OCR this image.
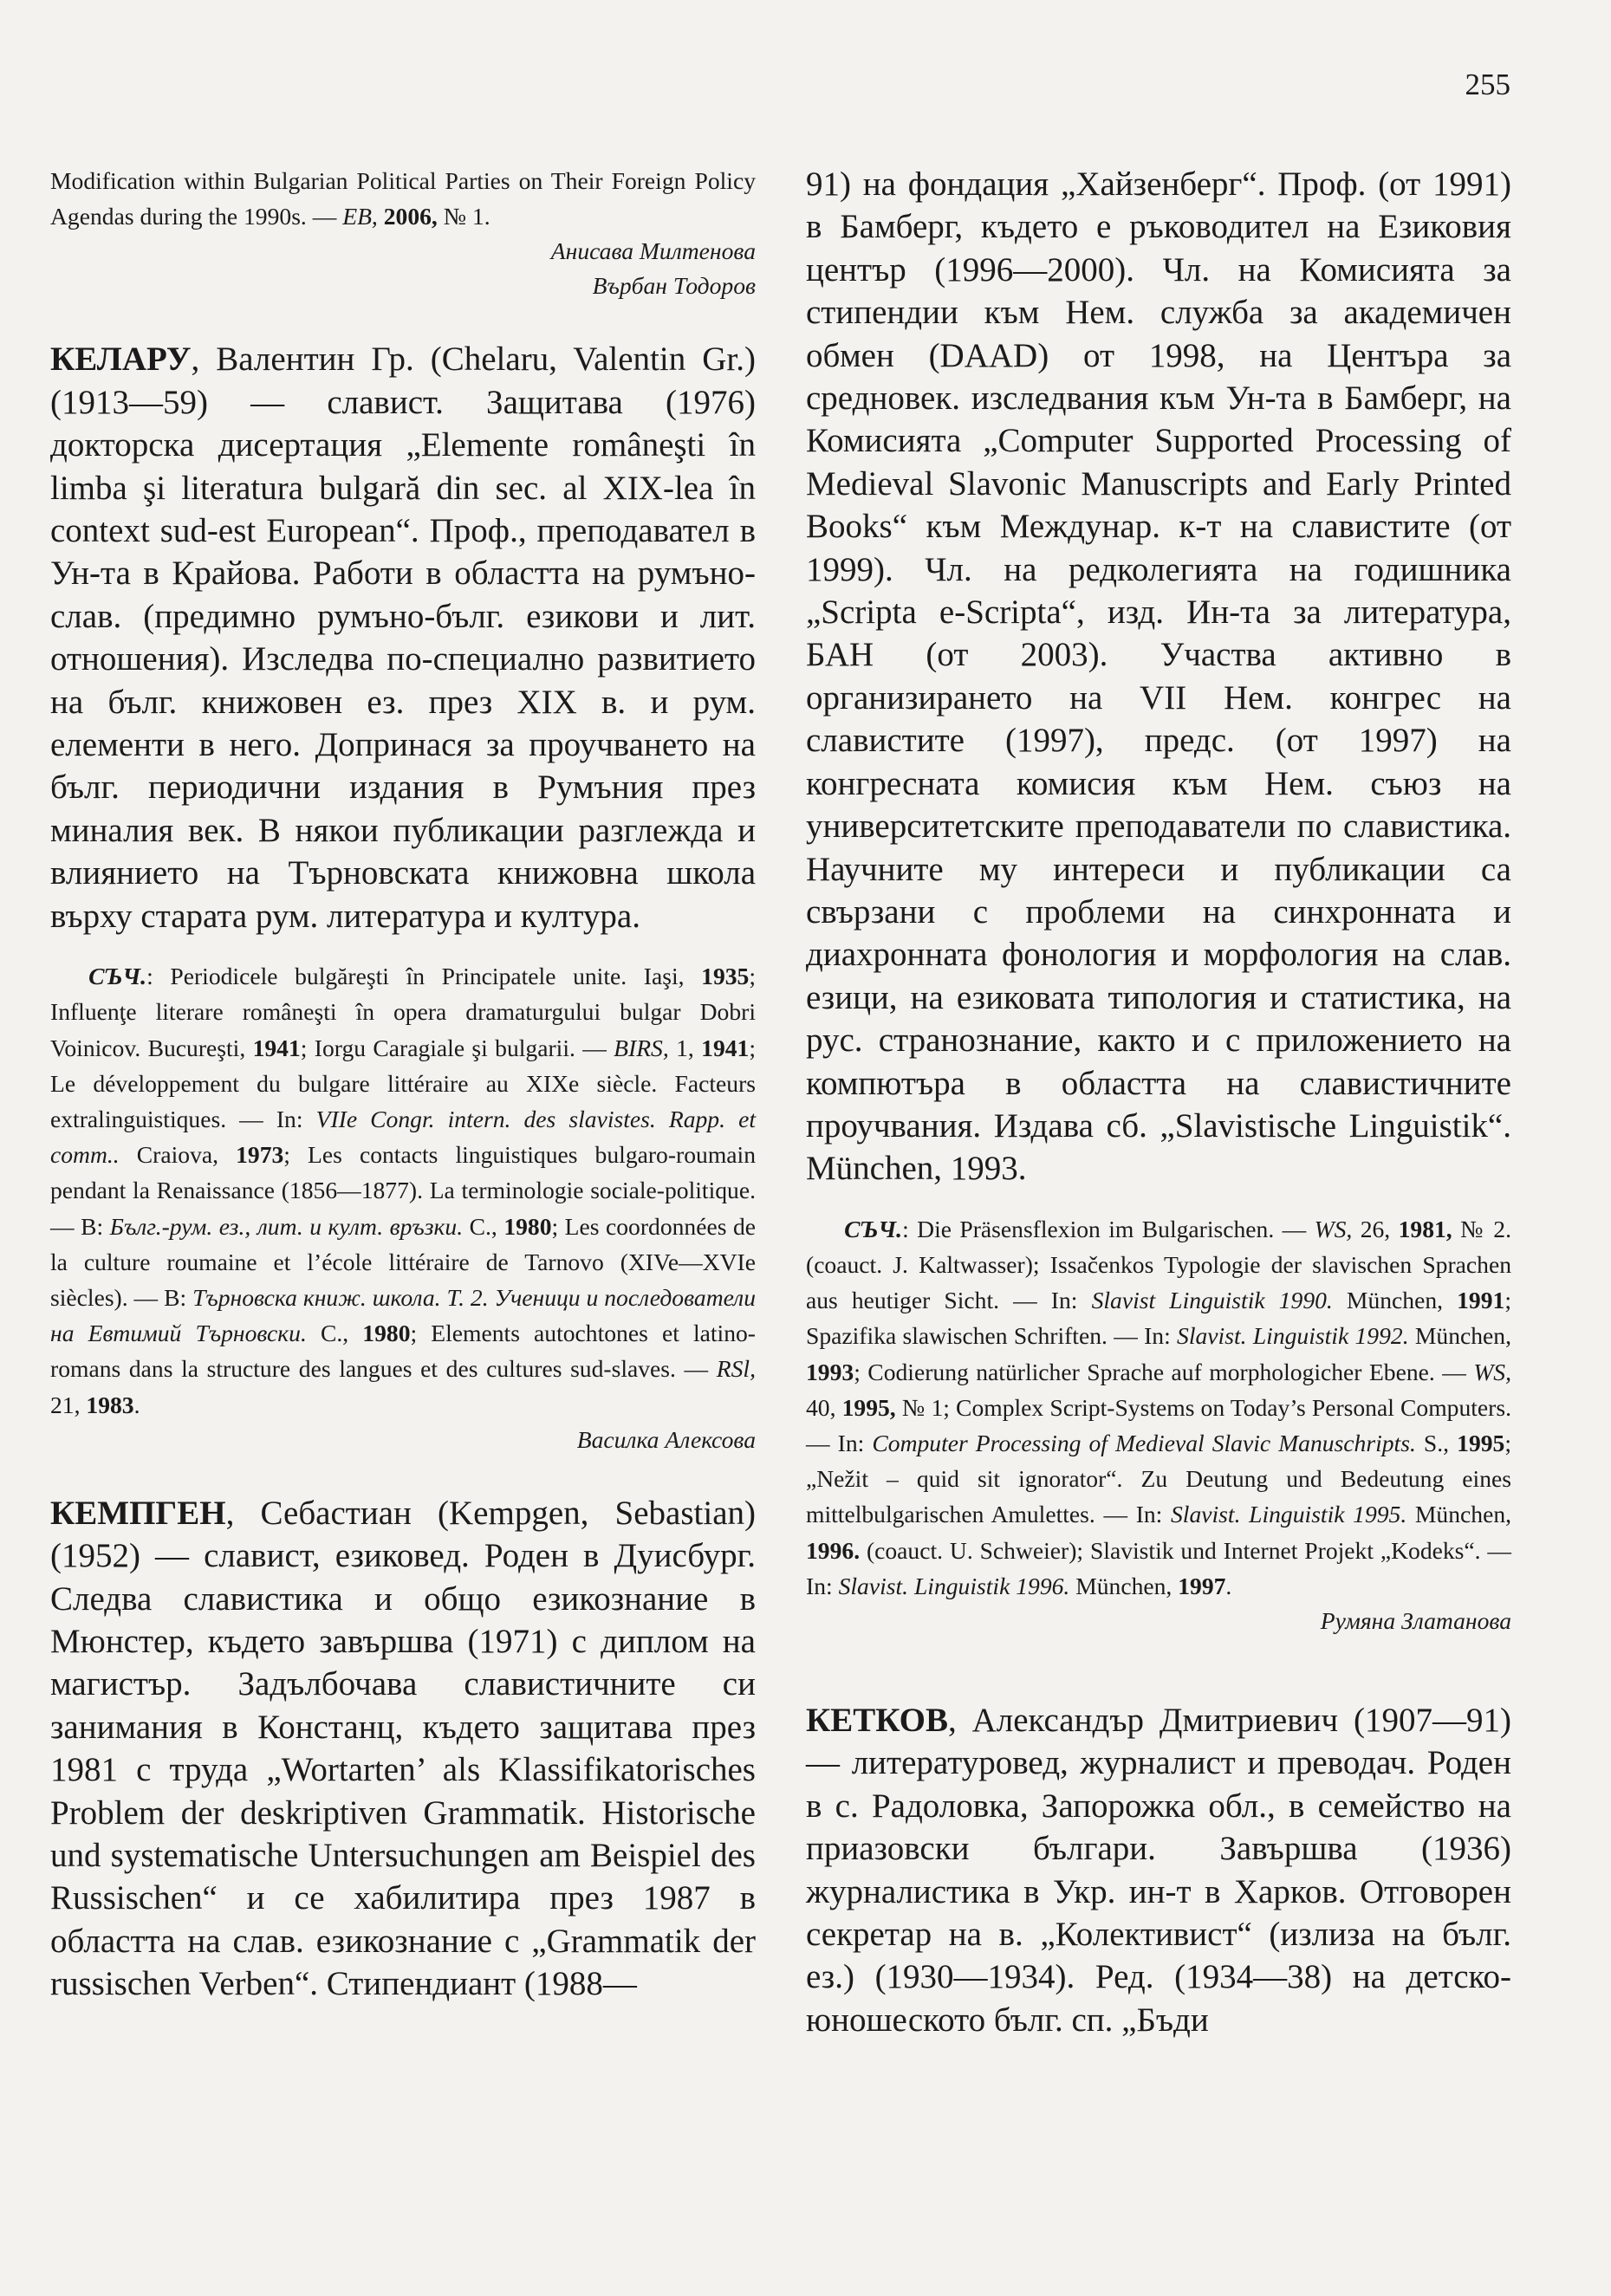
255

Modification within Bulgarian Political Parties on Their Foreign Policy Agendas during the 1990s. — EB, 2006, № 1.

Анисава Милтенова

Върбан Тодоров

КЕЛАРУ, Валентин Гр. (Chelaru, Valentin Gr.) (1913—59) — славист. Защитава (1976) докторска дисертация „Elemente româneşti în limba şi literatura bulgară din sec. al XIX-lea în context sud-est European“. Проф., преподавател в Ун-та в Крайова. Работи в областта на румъно-слав. (предимно румъно-бълг. езикови и лит. отношения). Изследва по-специално развитието на бълг. книжовен ез. през XIX в. и рум. елементи в него. Допринася за проучването на бълг. периодични издания в Румъния през миналия век. В някои публикации разглежда и влиянието на Търновската книжовна школа върху старата рум. литература и култура.

СЪЧ.: Periodicele bulgăreşti în Principatele unite. Iaşi, 1935; Influenţe literare româneşti în opera dramaturgului bulgar Dobri Voinicov. Bucureşti, 1941; Iorgu Caragiale şi bulgarii. — BIRS, 1, 1941; Le développement du bulgare littéraire au XIXe siècle. Facteurs extralinguistiques. — In: VIIe Congr. intern. des slavistes. Rapp. et comm.. Craiova, 1973; Les contacts linguistiques bulgaro-roumain pendant la Renaissance (1856—1877). La terminologie sociale-politique. — В: Бълг.-рум. ез., лит. и култ. връзки. С., 1980; Les coordonnées de la culture roumaine et l’école littéraire de Tarnovo (XIVe—XVIe siècles). — В: Търновска книж. школа. Т. 2. Ученици и последователи на Евтимий Търновски. С., 1980; Elements autochtones et latino-romans dans la structure des langues et des cultures sud-slaves. — RSl, 21, 1983.

Василка Алексова

КЕМПГЕН, Себастиан (Kempgen, Sebastian) (1952) — славист, езиковед. Роден в Дуисбург. Следва славистика и общо езикознание в Мюнстер, където завършва (1971) с диплом на магистър. Задълбочава славистичните си занимания в Констанц, където защитава през 1981 с труда „Wortarten’ als Klassifikatorisches Problem der deskriptiven Grammatik. Historische und systematische Untersuchungen am Beispiel des Russischen“ и се хабилитира през 1987 в областта на слав. езикознание с „Grammatik der russischen Verben“. Стипендиант (1988—

91) на фондация „Хайзенберг“. Проф. (от 1991) в Бамберг, където е ръководител на Езиковия център (1996—2000). Чл. на Комисията за стипендии към Нем. служба за академичен обмен (DAAD) от 1998, на Центъра за средновек. изследвания към Ун-та в Бамберг, на Комисията „Computer Supported Processing of Medieval Slavonic Manuscripts and Early Printed Books“ към Междунар. к-т на славистите (от 1999). Чл. на редколегията на годишника „Scripta e-Scripta“, изд. Ин-та за литература, БАН (от 2003). Участва активно в организирането на VII Нем. конгрес на славистите (1997), предс. (от 1997) на конгресната комисия към Нем. съюз на университетските преподаватели по славистика. Научните му интереси и публикации са свързани с проблеми на синхронната и диахронната фонология и морфология на слав. езици, на езиковата типология и статистика, на рус. странознание, както и с приложението на компютъра в областта на славистичните проучвания. Издава сб. „Slavistische Linguistik“. München, 1993.

СЪЧ.: Die Präsensflexion im Bulgarischen. — WS, 26, 1981, № 2. (coauct. J. Kaltwasser); Issačenkos Typologie der slavischen Sprachen aus heutiger Sicht. — In: Slavist Linguistik 1990. München, 1991; Spazifika slawischen Schriften. — In: Slavist. Linguistik 1992. München, 1993; Codierung natürlicher Sprache auf morphologicher Ebene. — WS, 40, 1995, № 1; Complex Script-Systems on Today’s Personal Computers. — In: Computer Processing of Medieval Slavic Manuschripts. S., 1995; „Nežit – quid sit ignorator“. Zu Deutung und Bedeutung eines mittelbulgarischen Amulettes. — In: Slavist. Linguistik 1995. München, 1996. (coauct. U. Schweier); Slavistik und Internet Projekt „Kodeks“. — In: Slavist. Linguistik 1996. München, 1997.

Румяна Златанова

КЕТКОВ, Александър Дмитриевич (1907—91) — литературовед, журналист и преводач. Роден в с. Радоловка, Запорожка обл., в семейство на приазовски българи. Завършва (1936) журналистика в Укр. ин-т в Харков. Отговорен секретар на в. „Колективист“ (излиза на бълг. ез.) (1930—1934). Ред. (1934—38) на детско-юношеското бълг. сп. „Бъди
